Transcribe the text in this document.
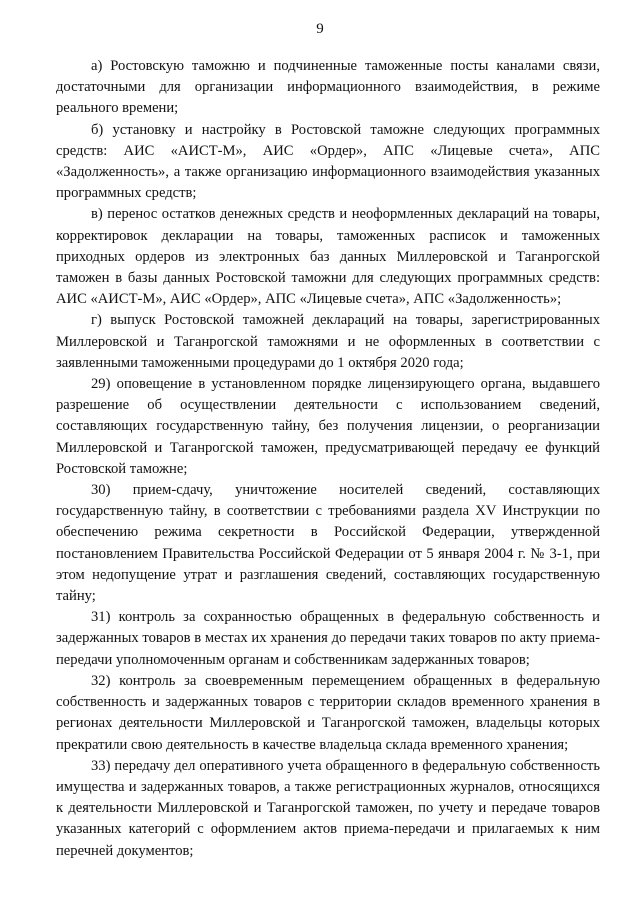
9

а) Ростовскую таможню и подчиненные таможенные посты каналами связи, достаточными для организации информационного взаимодействия, в режиме реального времени;

б) установку и настройку в Ростовской таможне следующих программных средств: АИС «АИСТ-М», АИС «Ордер», АПС «Лицевые счета», АПС «Задолженность», а также организацию информационного взаимодействия указанных программных средств;

в) перенос остатков денежных средств и неоформленных деклараций на товары, корректировок декларации на товары, таможенных расписок и таможенных приходных ордеров из электронных баз данных Миллеровской и Таганрогской таможен в базы данных Ростовской таможни для следующих программных средств: АИС «АИСТ-М», АИС «Ордер», АПС «Лицевые счета», АПС «Задолженность»;

г) выпуск Ростовской таможней деклараций на товары, зарегистрированных Миллеровской и Таганрогской таможнями и не оформленных в соответствии с заявленными таможенными процедурами до 1 октября 2020 года;

29) оповещение в установленном порядке лицензирующего органа, выдавшего разрешение об осуществлении деятельности с использованием сведений, составляющих государственную тайну, без получения лицензии, о реорганизации Миллеровской и Таганрогской таможен, предусматривающей передачу ее функций Ростовской таможне;

30) прием-сдачу, уничтожение носителей сведений, составляющих государственную тайну, в соответствии с требованиями раздела XV Инструкции по обеспечению режима секретности в Российской Федерации, утвержденной постановлением Правительства Российской Федерации от 5 января 2004 г. № 3-1, при этом недопущение утрат и разглашения сведений, составляющих государственную тайну;

31) контроль за сохранностью обращенных в федеральную собственность и задержанных товаров в местах их хранения до передачи таких товаров по акту приема-передачи уполномоченным органам и собственникам задержанных товаров;

32) контроль за своевременным перемещением обращенных в федеральную собственность и задержанных товаров с территории складов временного хранения в регионах деятельности Миллеровской и Таганрогской таможен, владельцы которых прекратили свою деятельность в качестве владельца склада временного хранения;

33) передачу дел оперативного учета обращенного в федеральную собственность имущества и задержанных товаров, а также регистрационных журналов, относящихся к деятельности Миллеровской и Таганрогской таможен, по учету и передаче товаров указанных категорий с оформлением актов приема-передачи и прилагаемых к ним перечней документов;
